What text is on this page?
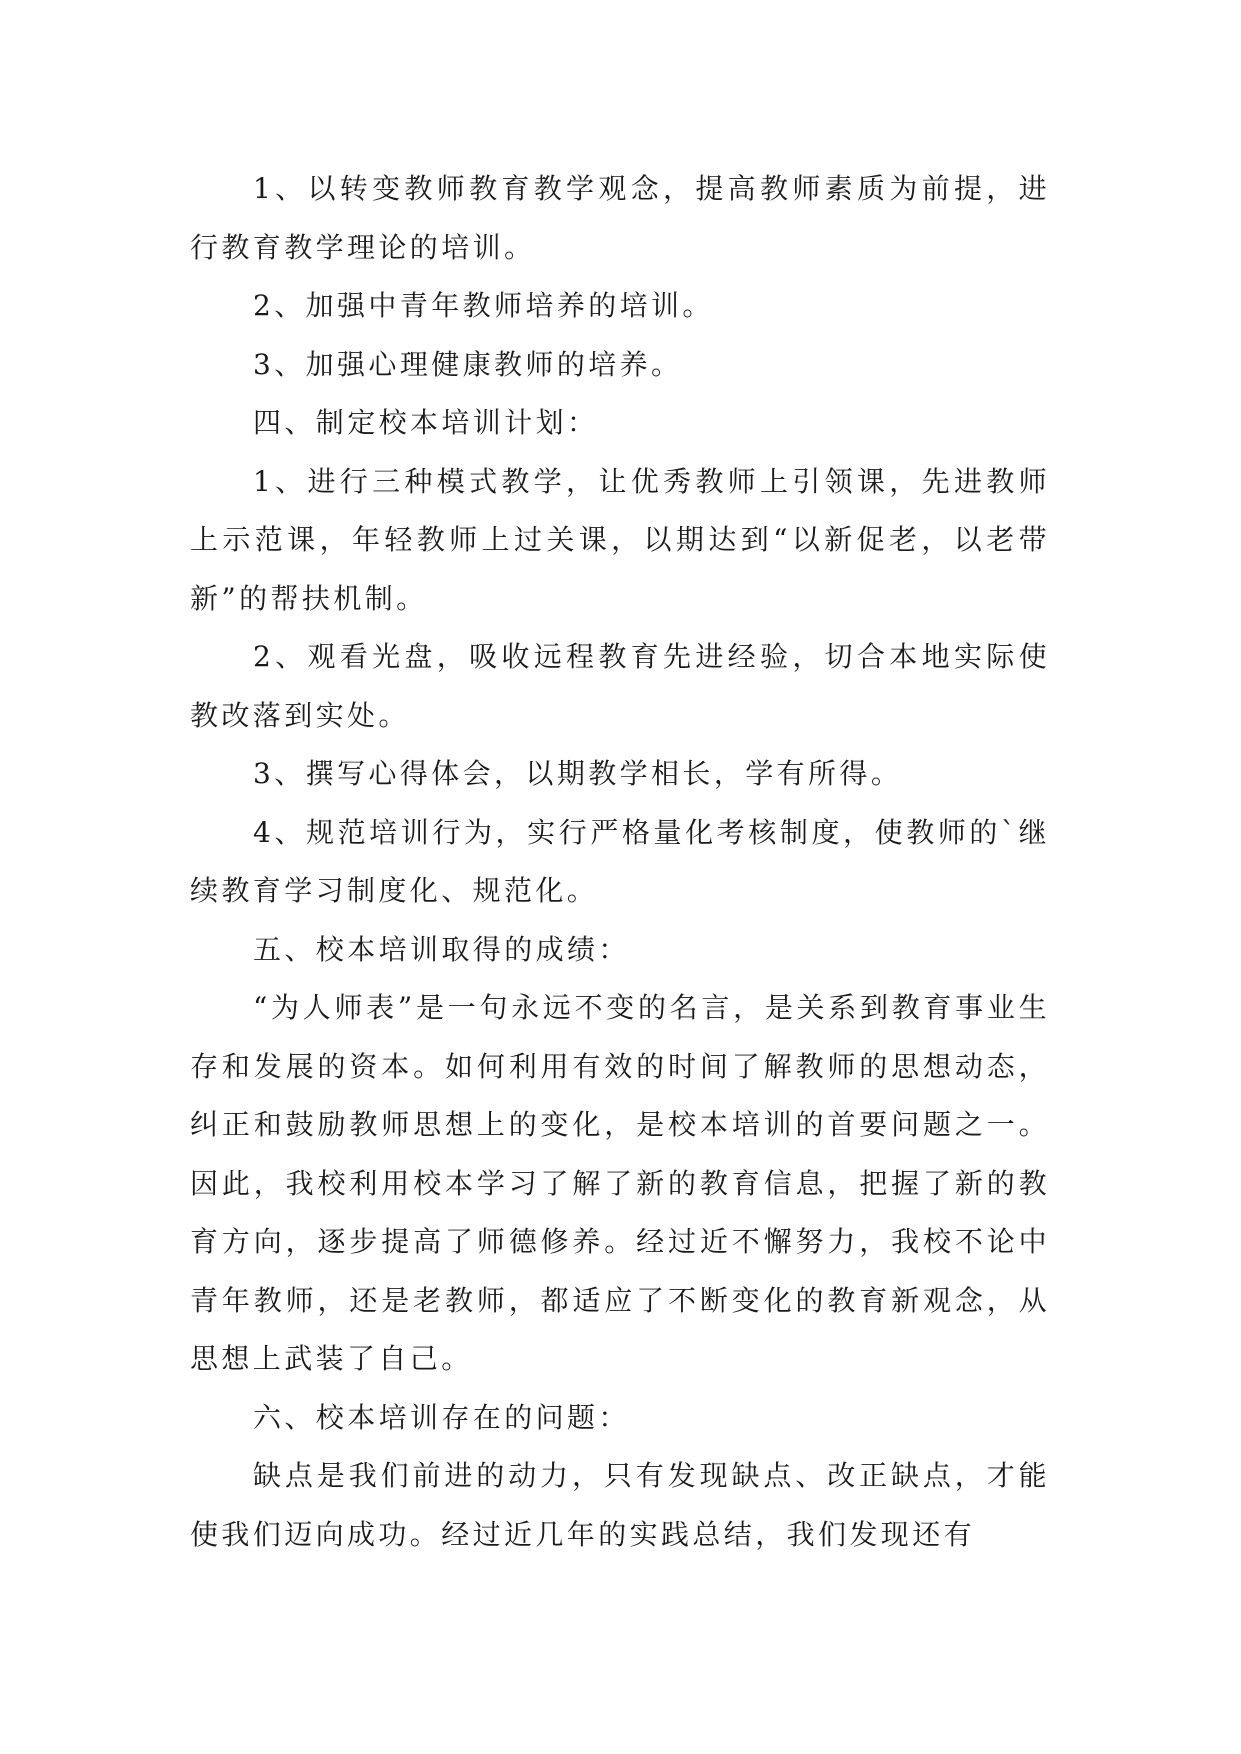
1、以转变教师教育教学观念，提高教师素质为前提，进行教育教学理论的培训。

2、加强中青年教师培养的培训。

3、加强心理健康教师的培养。

四、制定校本培训计划：

1、进行三种模式教学，让优秀教师上引领课，先进教师上示范课，年轻教师上过关课，以期达到“以新促老，以老带新”的帮扶机制。

2、观看光盘，吸收远程教育先进经验，切合本地实际使教改落到实处。

3、撰写心得体会，以期教学相长，学有所得。

4、规范培训行为，实行严格量化考核制度，使教师的`继续教育学习制度化、规范化。

五、校本培训取得的成绩：

“为人师表”是一句永远不变的名言，是关系到教育事业生存和发展的资本。如何利用有效的时间了解教师的思想动态，纠正和鼓励教师思想上的变化，是校本培训的首要问题之一。因此，我校利用校本学习了解了新的教育信息，把握了新的教育方向，逐步提高了师德修养。经过近不懈努力，我校不论中青年教师，还是老教师，都适应了不断变化的教育新观念，从思想上武装了自己。

六、校本培训存在的问题：

缺点是我们前进的动力，只有发现缺点、改正缺点，才能使我们迈向成功。经过近几年的实践总结，我们发现还有
